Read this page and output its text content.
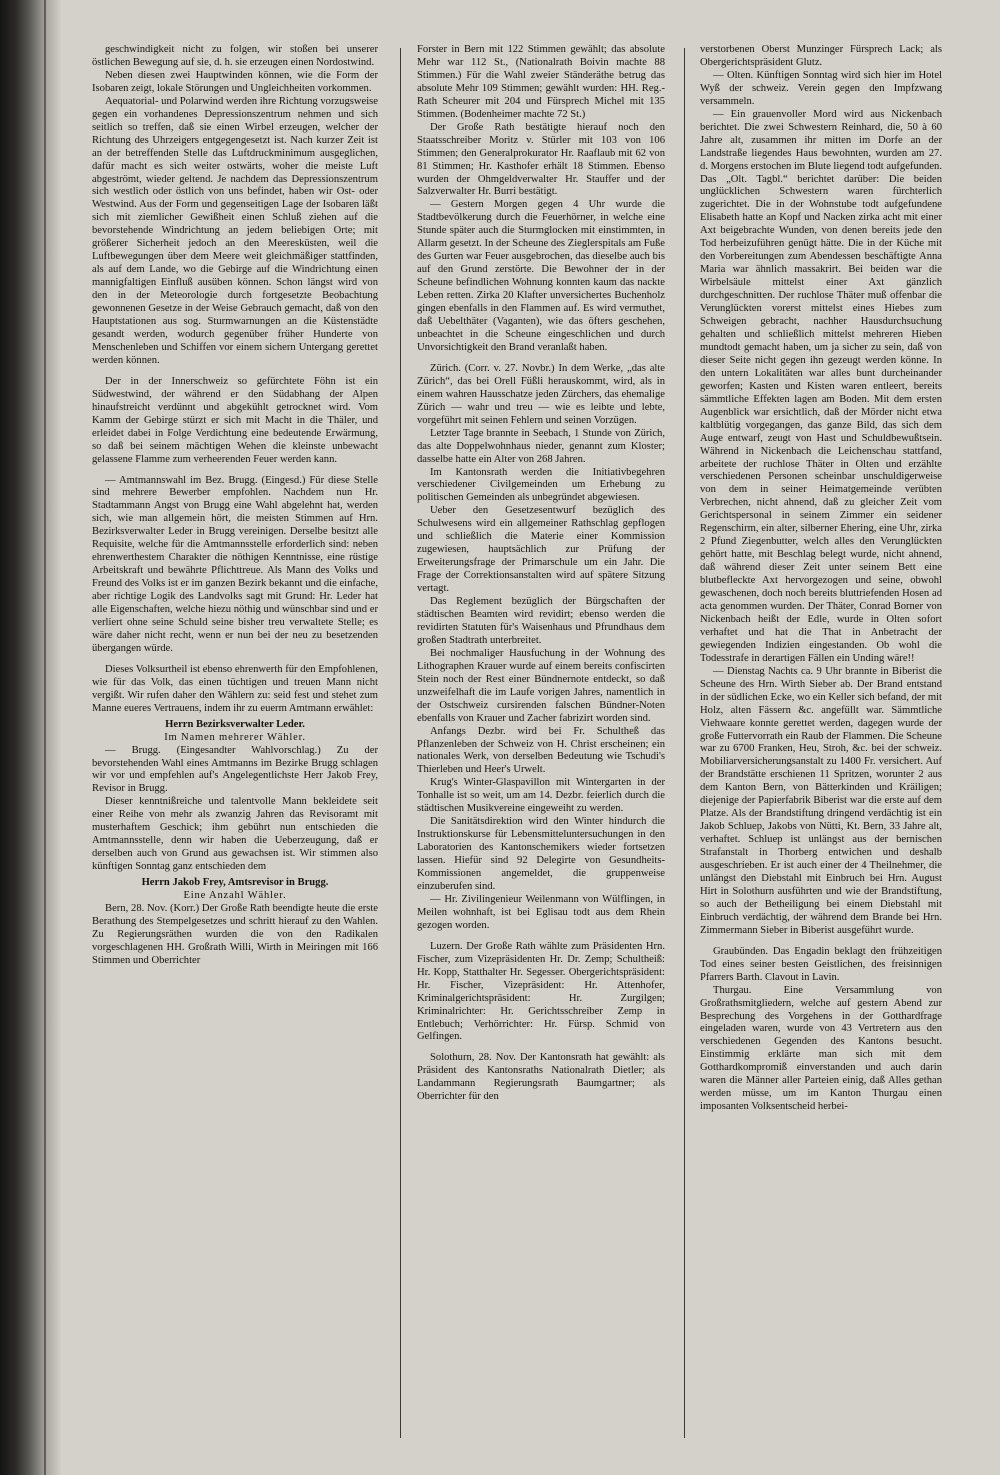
geschwindigkeit nicht zu folgen, wir stoßen bei unserer östlichen Bewegung auf sie, d. h. sie erzeugen einen Nordostwind.

Neben diesen zwei Hauptwinden können, wie die Form der Isobaren zeigt, lokale Störungen und Ungleichheiten vorkommen.

Aequatorial- und Polarwind werden ihre Richtung vorzugsweise gegen ein vorhandenes Depressionszentrum nehmen und sich seitlich so treffen, daß sie einen Wirbel erzeugen, welcher der Richtung des Uhrzeigers entgegengesetzt ist. Nach kurzer Zeit ist an der betreffenden Stelle das Luftdruckminimum ausgeglichen, dafür macht es sich weiter ostwärts, woher die meiste Luft abgeströmt, wieder geltend. Je nachdem das Depressionszentrum sich westlich oder östlich von uns befindet, haben wir Ost- oder Westwind. Aus der Form und gegenseitigen Lage der Isobaren läßt sich mit ziemlicher Gewißheit einen Schluß ziehen auf die bevorstehende Windrichtung an jedem beliebigen Orte; mit größerer Sicherheit jedoch an den Meeresküsten, weil die Luftbewegungen über dem Meere weit gleichmäßiger stattfinden, als auf dem Lande, wo die Gebirge auf die Windrichtung einen mannigfaltigen Einfluß ausüben können. Schon längst wird von den in der Meteorologie durch fortgesetzte Beobachtung gewonnenen Gesetze in der Weise Gebrauch gemacht, daß von den Hauptstationen aus sog. Sturmwarnungen an die Küstenstädte gesandt werden, wodurch gegenüber früher Hunderte von Menschenleben und Schiffen vor einem sichern Untergang gerettet werden können.

Der in der Innerschweiz so gefürchtete Föhn ist ein Südwestwind, der während er den Südabhang der Alpen hinaufstreicht verdünnt und abgekühlt getrocknet wird. Vom Kamm der Gebirge stürzt er sich mit Macht in die Thäler, und erleidet dabei in Folge Verdichtung eine bedeutende Erwärmung, so daß bei seinem mächtigen Wehen die kleinste unbewacht gelassene Flamme zum verheerenden Feuer werden kann.

— Amtmannswahl im Bez. Brugg. (Eingesd.) Für diese Stelle sind mehrere Bewerber empfohlen. Nachdem nun Hr. Stadtammann Angst von Brugg eine Wahl abgelehnt hat, werden sich, wie man allgemein hört, die meisten Stimmen auf Hrn. Bezirksverwalter Leder in Brugg vereinigen. Derselbe besitzt alle Requisite, welche für die Amtmannsstelle erforderlich sind: neben ehrenwerthestem Charakter die nöthigen Kenntnisse, eine rüstige Arbeitskraft und bewährte Pflichttreue. Als Mann des Volks und Freund des Volks ist er im ganzen Bezirk bekannt und die einfache, aber richtige Logik des Landvolks sagt mit Grund: Hr. Leder hat alle Eigenschaften, welche hiezu nöthig und wünschbar sind und er verliert ohne seine Schuld seine bisher treu verwaltete Stelle; es wäre daher nicht recht, wenn er nun bei der neu zu besetzenden übergangen würde.

Dieses Volksurtheil ist ebenso ehrenwerth für den Empfohlenen, wie für das Volk, das einen tüchtigen und treuen Mann nicht vergißt. Wir rufen daher den Wählern zu: seid fest und stehet zum Manne eueres Vertrauens, indem ihr zu euerm Amtmann erwählet:

Herrn Bezirksverwalter Leder.

Im Namen mehrerer Wähler.

— Brugg. (Eingesandter Wahlvorschlag.) Zu der bevorstehenden Wahl eines Amtmanns im Bezirke Brugg schlagen wir vor und empfehlen auf's Angelegentlichste Herr Jakob Frey, Revisor in Brugg.

Dieser kenntnißreiche und talentvolle Mann bekleidete seit einer Reihe von mehr als zwanzig Jahren das Revisoramt mit musterhaftem Geschick; ihm gebührt nun entschieden die Amtmannsstelle, denn wir haben die Ueberzeugung, daß er derselben auch von Grund aus gewachsen ist. Wir stimmen also künftigen Sonntag ganz entschieden dem

Herrn Jakob Frey, Amtsrevisor in Brugg.

Eine Anzahl Wähler.

Bern, 28. Nov. (Korr.) Der Große Rath beendigte heute die erste Berathung des Stempelgesetzes und schritt hierauf zu den Wahlen. Zu Regierungsräthen wurden die von den Radikalen vorgeschlagenen HH. Großrath Willi, Wirth in Meiringen mit 166 Stimmen und Oberrichter

Forster in Bern mit 122 Stimmen gewählt; das absolute Mehr war 112 St., (Nationalrath Boivin machte 88 Stimmen.) Für die Wahl zweier Ständeräthe betrug das absolute Mehr 109 Stimmen; gewählt wurden: HH. Reg.-Rath Scheurer mit 204 und Fürsprech Michel mit 135 Stimmen. (Bodenheimer machte 72 St.)

Der Große Rath bestätigte hierauf noch den Staatsschreiber Moritz v. Stürler mit 103 von 106 Stimmen; den Generalprokurator Hr. Raaflaub mit 62 von 81 Stimmen; Hr. Kasthofer erhält 18 Stimmen. Ebenso wurden der Ohmgeldverwalter Hr. Stauffer und der Salzverwalter Hr. Burri bestätigt.

— Gestern Morgen gegen 4 Uhr wurde die Stadtbevölkerung durch die Feuerhörner, in welche eine Stunde später auch die Sturmglocken mit einstimmten, in Allarm gesetzt. In der Scheune des Zieglerspitals am Fuße des Gurten war Feuer ausgebrochen, das dieselbe auch bis auf den Grund zerstörte. Die Bewohner der in der Scheune befindlichen Wohnung konnten kaum das nackte Leben retten. Zirka 20 Klafter unversichertes Buchenholz gingen ebenfalls in den Flammen auf. Es wird vermuthet, daß Uebelthäter (Vaganten), wie das öfters geschehen, unbeachtet in die Scheune eingeschlichen und durch Unvorsichtigkeit den Brand veranlaßt haben.

Zürich. (Corr. v. 27. Novbr.) In dem Werke, „das alte Zürich“, das bei Orell Füßli herauskommt, wird, als in einem wahren Hausschatze jeden Zürchers, das ehemalige Zürich — wahr und treu — wie es leibte und lebte, vorgeführt mit seinen Fehlern und seinen Vorzügen.

Letzter Tage brannte in Seebach, 1 Stunde von Zürich, das alte Doppelwohnhaus nieder, genannt zum Kloster; dasselbe hatte ein Alter von 268 Jahren.

Im Kantonsrath werden die Initiativbegehren verschiedener Civilgemeinden um Erhebung zu politischen Gemeinden als unbegründet abgewiesen.

Ueber den Gesetzesentwurf bezüglich des Schulwesens wird ein allgemeiner Rathschlag gepflogen und schließlich die Materie einer Kommission zugewiesen, hauptsächlich zur Prüfung der Erweiterungsfrage der Primarschule um ein Jahr. Die Frage der Correktionsanstalten wird auf spätere Sitzung vertagt.

Das Reglement bezüglich der Bürgschaften der städtischen Beamten wird revidirt; ebenso werden die revidirten Statuten für's Waisenhaus und Pfrundhaus dem großen Stadtrath unterbreitet.

Bei nochmaliger Hausfuchung in der Wohnung des Lithographen Krauer wurde auf einem bereits confiscirten Stein noch der Rest einer Bündnernote entdeckt, so daß unzweifelhaft die im Laufe vorigen Jahres, namentlich in der Ostschweiz cursirenden falschen Bündner-Noten ebenfalls von Krauer und Zacher fabrizirt worden sind.

Anfangs Dezbr. wird bei Fr. Schultheß das Pflanzenleben der Schweiz von H. Christ erscheinen; ein nationales Werk, von derselben Bedeutung wie Tschudi's Thierleben und Heer's Urwelt.

Krug's Winter-Glaspavillon mit Wintergarten in der Tonhalle ist so weit, um am 14. Dezbr. feierlich durch die städtischen Musikvereine eingeweiht zu werden.

Die Sanitätsdirektion wird den Winter hindurch die Instruktionskurse für Lebensmitteluntersuchungen in den Laboratorien des Kantonschemikers wieder fortsetzen lassen. Hiefür sind 92 Delegirte von Gesundheits-Kommissionen angemeldet, die gruppenweise einzuberufen sind.

— Hr. Zivilingenieur Weilenmann von Wülflingen, in Meilen wohnhaft, ist bei Eglisau todt aus dem Rhein gezogen worden.

Luzern. Der Große Rath wählte zum Präsidenten Hrn. Fischer, zum Vizepräsidenten Hr. Dr. Zemp; Schultheiß: Hr. Kopp, Statthalter Hr. Segesser. Obergerichtspräsident: Hr. Fischer, Vizepräsident: Hr. Attenhofer, Kriminalgerichtspräsident: Hr. Zurgilgen; Kriminalrichter: Hr. Gerichtsschreiber Zemp in Entlebuch; Verhörrichter: Hr. Fürsp. Schmid von Gelfingen.

Solothurn, 28. Nov. Der Kantonsrath hat gewählt: als Präsident des Kantonsraths Nationalrath Dietler; als Landammann Regierungsrath Baumgartner; als Oberrichter für den

verstorbenen Oberst Munzinger Fürsprech Lack; als Obergerichtspräsident Glutz.

— Olten. Künftigen Sonntag wird sich hier im Hotel Wyß der schweiz. Verein gegen den Impfzwang versammeln.

— Ein grauenvoller Mord wird aus Nickenbach berichtet. Die zwei Schwestern Reinhard, die, 50 à 60 Jahre alt, zusammen ihr mitten im Dorfe an der Landstraße liegendes Haus bewohnten, wurden am 27. d. Morgens erstochen im Blute liegend todt aufgefunden. Das „Olt. Tagbl.“ berichtet darüber: Die beiden unglücklichen Schwestern waren fürchterlich zugerichtet. Die in der Wohnstube todt aufgefundene Elisabeth hatte an Kopf und Nacken zirka acht mit einer Axt beigebrachte Wunden, von denen bereits jede den Tod herbeizuführen genügt hätte. Die in der Küche mit den Vorbereitungen zum Abendessen beschäftigte Anna Maria war ähnlich massakrirt. Bei beiden war die Wirbelsäule mittelst einer Axt gänzlich durchgeschnitten. Der ruchlose Thäter muß offenbar die Verunglückten vorerst mittelst eines Hiebes zum Schweigen gebracht, nachher Hausdurchsuchung gehalten und schließlich mittelst mehreren Hieben mundtodt gemacht haben, um ja sicher zu sein, daß von dieser Seite nicht gegen ihn gezeugt werden könne. In den untern Lokalitäten war alles bunt durcheinander geworfen; Kasten und Kisten waren entleert, bereits sämmtliche Effekten lagen am Boden. Mit dem ersten Augenblick war ersichtlich, daß der Mörder nicht etwa kaltblütig vorgegangen, das ganze Bild, das sich dem Auge entwarf, zeugt von Hast und Schuldbewußtsein. Während in Nickenbach die Leichenschau stattfand, arbeitete der ruchlose Thäter in Olten und erzählte verschiedenen Personen scheinbar unschuldigerweise von dem in seiner Heimatgemeinde verübten Verbrechen, nicht ahnend, daß zu gleicher Zeit vom Gerichtspersonal in seinem Zimmer ein seidener Regenschirm, ein alter, silberner Ehering, eine Uhr, zirka 2 Pfund Ziegenbutter, welch alles den Verunglückten gehört hatte, mit Beschlag belegt wurde, nicht ahnend, daß während dieser Zeit unter seinem Bett eine blutbefleckte Axt hervorgezogen und seine, obwohl gewaschenen, doch noch bereits bluttriefenden Hosen ad acta genommen wurden. Der Thäter, Conrad Borner von Nickenbach heißt der Edle, wurde in Olten sofort verhaftet und hat die That in Anbetracht der gewiegenden Indizien eingestanden. Ob wohl die Todesstrafe in derartigen Fällen ein Unding wäre!!

— Dienstag Nachts ca. 9 Uhr brannte in Biberist die Scheune des Hrn. Wirth Sieber ab. Der Brand entstand in der südlichen Ecke, wo ein Keller sich befand, der mit Holz, alten Fässern &c. angefüllt war. Sämmtliche Viehwaare konnte gerettet werden, dagegen wurde der große Futtervorrath ein Raub der Flammen. Die Scheune war zu 6700 Franken, Heu, Stroh, &c. bei der schweiz. Mobiliarversicherungsanstalt zu 1400 Fr. versichert. Auf der Brandstätte erschienen 11 Spritzen, worunter 2 aus dem Kanton Bern, von Bätterkinden und Kräiligen; diejenige der Papierfabrik Biberist war die erste auf dem Platze. Als der Brandstiftung dringend verdächtig ist ein Jakob Schluep, Jakobs von Nütti, Kt. Bern, 33 Jahre alt, verhaftet. Schluep ist unlängst aus der bernischen Strafanstalt in Thorberg entwichen und deshalb ausgeschrieben. Er ist auch einer der 4 Theilnehmer, die unlängst den Diebstahl mit Einbruch bei Hrn. August Hirt in Solothurn ausführten und wie der Brandstiftung, so auch der Betheiligung bei einem Diebstahl mit Einbruch verdächtig, der während dem Brande bei Hrn. Zimmermann Sieber in Biberist ausgeführt wurde.

Graubünden. Das Engadin beklagt den frühzeitigen Tod eines seiner besten Geistlichen, des freisinnigen Pfarrers Barth. Clavout in Lavin.

Thurgau. Eine Versammlung von Großrathsmitgliedern, welche auf gestern Abend zur Besprechung des Vorgehens in der Gotthardfrage eingeladen waren, wurde von 43 Vertretern aus den verschiedenen Gegenden des Kantons besucht. Einstimmig erklärte man sich mit dem Gotthardkompromiß einverstanden und auch darin waren die Männer aller Parteien einig, daß Alles gethan werden müsse, um im Kanton Thurgau einen imposanten Volksentscheid herbei-
